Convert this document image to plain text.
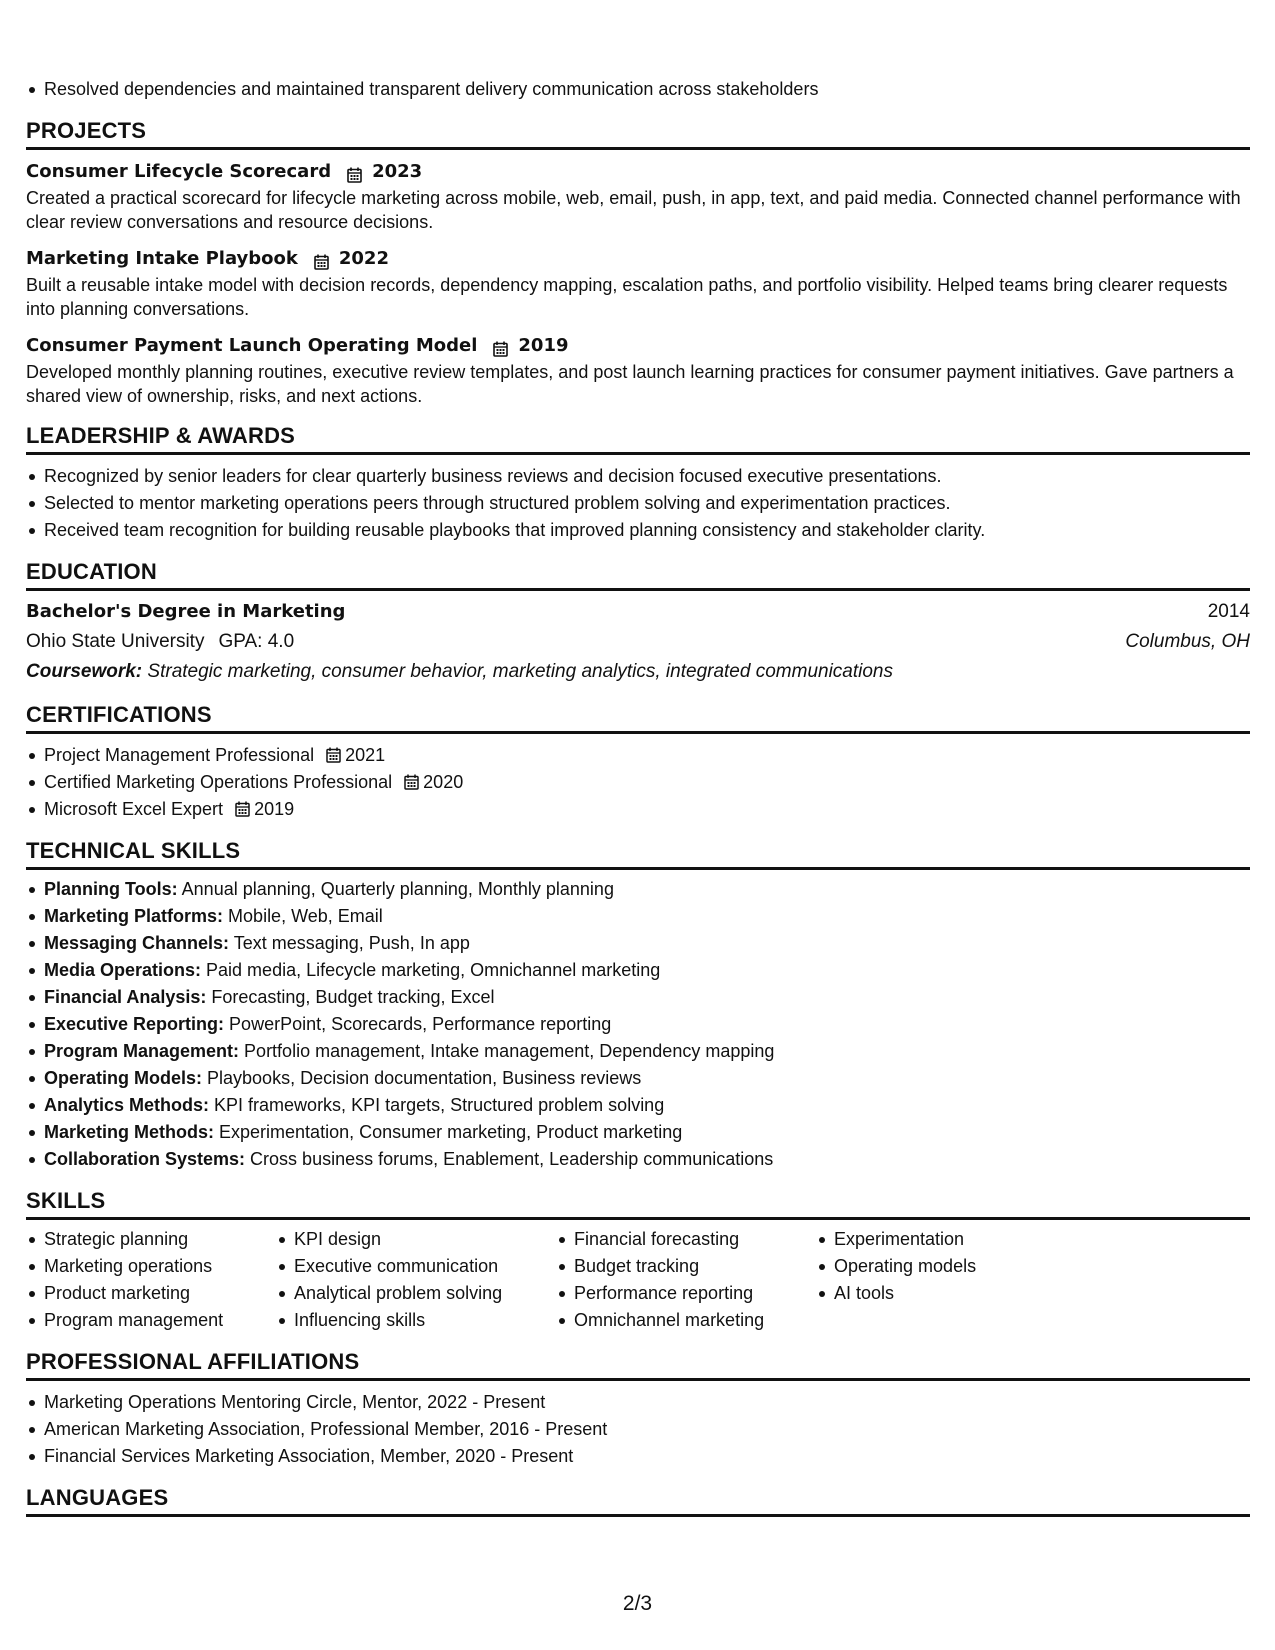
Resolved dependencies and maintained transparent delivery communication across stakeholders
PROJECTS
Consumer Lifecycle Scorecard 2023
Created a practical scorecard for lifecycle marketing across mobile, web, email, push, in app, text, and paid media. Connected channel performance with clear review conversations and resource decisions.
Marketing Intake Playbook 2022
Built a reusable intake model with decision records, dependency mapping, escalation paths, and portfolio visibility. Helped teams bring clearer requests into planning conversations.
Consumer Payment Launch Operating Model 2019
Developed monthly planning routines, executive review templates, and post launch learning practices for consumer payment initiatives. Gave partners a shared view of ownership, risks, and next actions.
LEADERSHIP & AWARDS
Recognized by senior leaders for clear quarterly business reviews and decision focused executive presentations.
Selected to mentor marketing operations peers through structured problem solving and experimentation practices.
Received team recognition for building reusable playbooks that improved planning consistency and stakeholder clarity.
EDUCATION
Bachelor's Degree in Marketing	2014
Ohio State University GPA: 4.0	Columbus, OH
Coursework: Strategic marketing, consumer behavior, marketing analytics, integrated communications
CERTIFICATIONS
Project Management Professional 2021
Certified Marketing Operations Professional 2020
Microsoft Excel Expert 2019
TECHNICAL SKILLS
Planning Tools: Annual planning, Quarterly planning, Monthly planning
Marketing Platforms: Mobile, Web, Email
Messaging Channels: Text messaging, Push, In app
Media Operations: Paid media, Lifecycle marketing, Omnichannel marketing
Financial Analysis: Forecasting, Budget tracking, Excel
Executive Reporting: PowerPoint, Scorecards, Performance reporting
Program Management: Portfolio management, Intake management, Dependency mapping
Operating Models: Playbooks, Decision documentation, Business reviews
Analytics Methods: KPI frameworks, KPI targets, Structured problem solving
Marketing Methods: Experimentation, Consumer marketing, Product marketing
Collaboration Systems: Cross business forums, Enablement, Leadership communications
SKILLS
Strategic planning
Marketing operations
Product marketing
Program management
KPI design
Executive communication
Analytical problem solving
Influencing skills
Financial forecasting
Budget tracking
Performance reporting
Omnichannel marketing
Experimentation
Operating models
AI tools
PROFESSIONAL AFFILIATIONS
Marketing Operations Mentoring Circle, Mentor, 2022 - Present
American Marketing Association, Professional Member, 2016 - Present
Financial Services Marketing Association, Member, 2020 - Present
LANGUAGES
2/3
